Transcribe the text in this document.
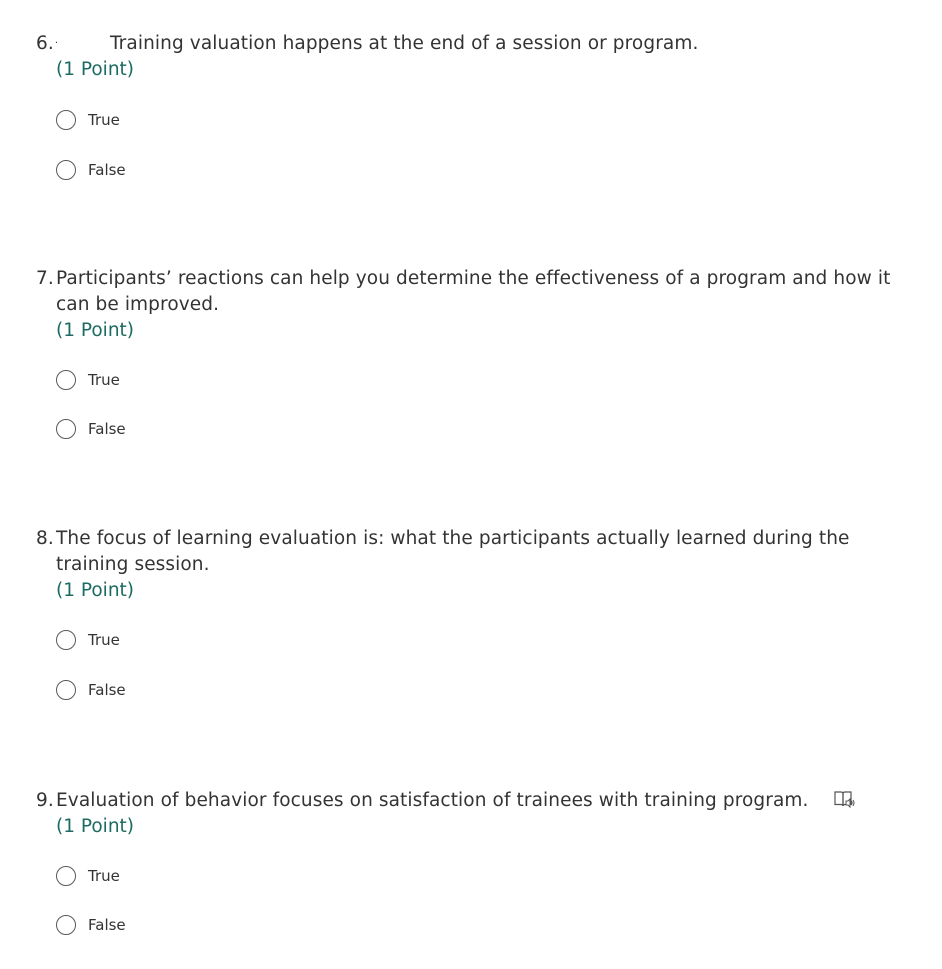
6.·	Training valuation happens at the end of a session or program.
(1 Point)
True
False
7. Participants’ reactions can help you determine the effectiveness of a program and how it can be improved.
(1 Point)
True
False
8. The focus of learning evaluation is: what the participants actually learned during the training session.
(1 Point)
True
False
9. Evaluation of behavior focuses on satisfaction of trainees with training program.
(1 Point)
True
False
